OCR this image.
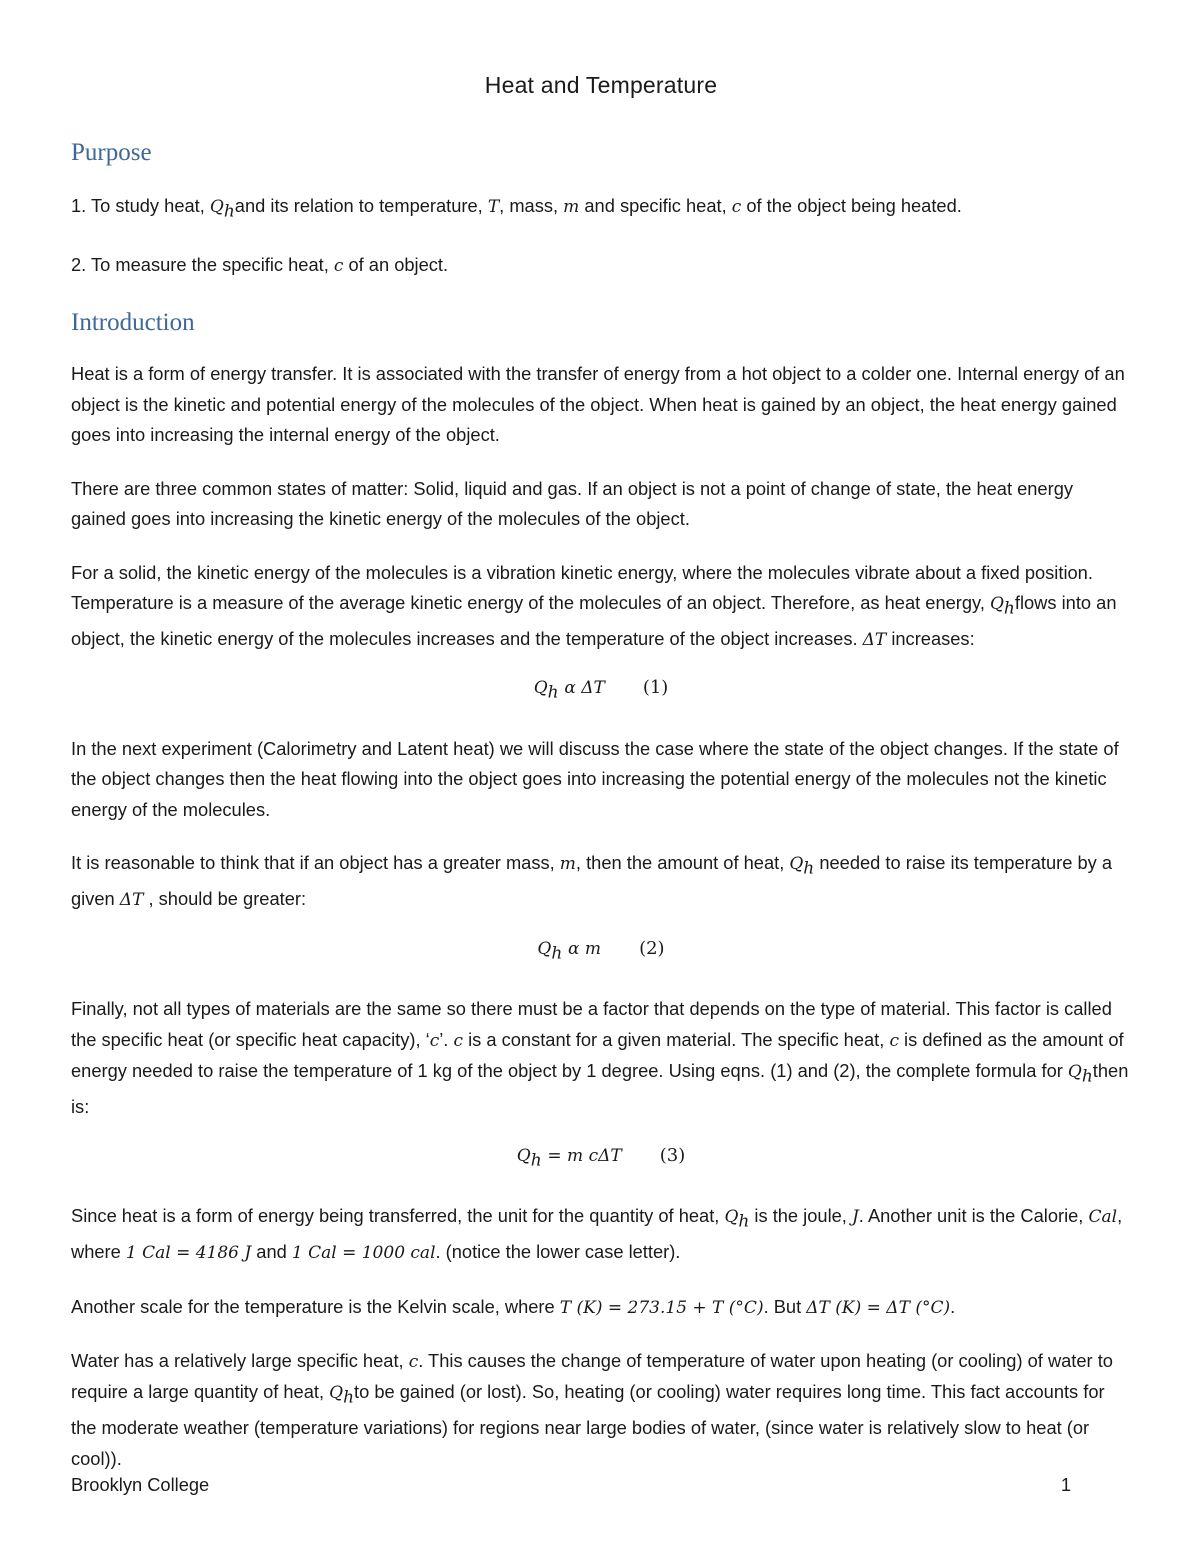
Heat and Temperature
Purpose

1. To study heat, $Q_hand$ its relation to temperature, T, mass, m and specific heat, c of the object being heated.

2. To measure the specific heat, c of an object.

Introduction

Heat is a form of energy transfer. It is associated with the transfer of energy from a hot object to a colder one. Internal energy of an object is the kinetic and potential energy of the molecules of the object. When heat is gained by an object, the heat energy gained goes into increasing the internal energy of the object.

There are three common states of matter: Solid, liquid and gas. If an object is not a point of change of state, the heat energy gained goes into increasing the kinetic energy of the molecules of the object.

For a solid, the kinetic energy of the molecules is a vibration kinetic energy, where the molecules vibrate about a fixed position. Temperature is a measure of the average kinetic energy of the molecules of an object. Therefore, as heat energy, $Q_hflows$ into an object, the kinetic energy of the molecules increases and the temperature of the object increases. ΔT increases:

$Q_h$ α ΔT (1)

In the next experiment (Calorimetry and Latent heat) we will discuss the case where the state of the object changes. If the state of the object changes then the heat flowing into the object goes into increasing the potential energy of the molecules not the kinetic energy of the molecules.

It is reasonable to think that if an object has a greater mass, m, then the amount of heat, $Q_h$ needed to raise its temperature by a given ΔT , should be greater:

$Q_h$ α m (2)

Finally, not all types of materials are the same so there must be a factor that depends on the type of material. This factor is called the specific heat (or specific heat capacity), ‘c’. c is a constant for a given material. The specific heat, c is defined as the amount of energy needed to raise the temperature of 1 kg of the object by 1 degree. Using eqns. (1) and (2), the complete formula for $Q_hthen$ is:

$Q_h = m$ cΔT (3)

Since heat is a form of energy being transferred, the unit for the quantity of heat, $Q_h$ is the joule, J. Another unit is the Calorie, Cal, where 1 Cal = 4186 J and 1 Cal = 1000 cal. (notice the lower case letter).

Another scale for the temperature is the Kelvin scale, where T (K) = 273.15 + T (°C). But ΔT (K) = ΔT (°C).

Water has a relatively large specific heat, c. This causes the change of temperature of water upon heating (or cooling) of water to require a large quantity of heat, $Q_hto$ be gained (or lost). So, heating (or cooling) water requires long time. This fact accounts for the moderate weather (temperature variations) for regions near large bodies of water, (since water is relatively slow to heat (or cool)).

Brooklyn College	1
